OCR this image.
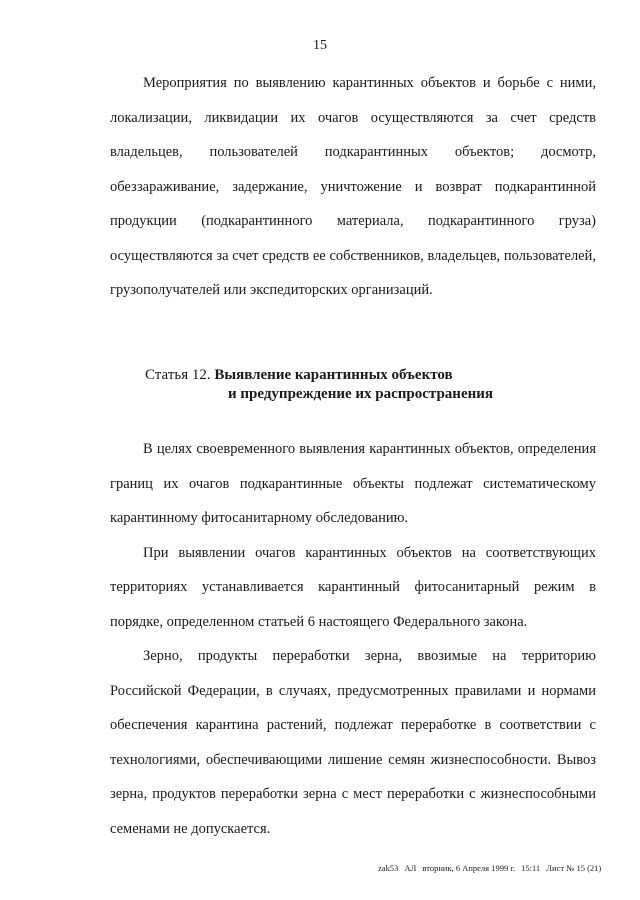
15

Мероприятия по выявлению карантинных объектов и борьбе с ними, локализации, ликвидации их очагов осуществляются за счет средств владельцев, пользователей подкарантинных объектов; досмотр, обеззараживание, задержание, уничтожение и возврат подкарантинной продукции (подкарантинного материала, подкарантинного груза) осуществляются за счет средств ее собственников, владельцев, пользователей, грузополучателей или экспедиторских организаций.

Статья 12. Выявление карантинных объектов
и предупреждение их распространения

В целях своевременного выявления карантинных объектов, определения границ их очагов подкарантинные объекты подлежат систематическому карантинному фитосанитарному обследованию.

При выявлении очагов карантинных объектов на соответствующих территориях устанавливается карантинный фитосанитарный режим в порядке, определенном статьей 6 настоящего Федерального закона.

Зерно, продукты переработки зерна, ввозимые на территорию Российской Федерации, в случаях, предусмотренных правилами и нормами обеспечения карантина растений, подлежат переработке в соответствии с технологиями, обеспечивающими лишение семян жизнеспособности. Вывоз зерна, продуктов переработки зерна с мест переработки с жизнеспособными семенами не допускается.

zak53 АЛ вторник, 6 Апреля 1999 г. 15:11 Лист № 15 (21)
